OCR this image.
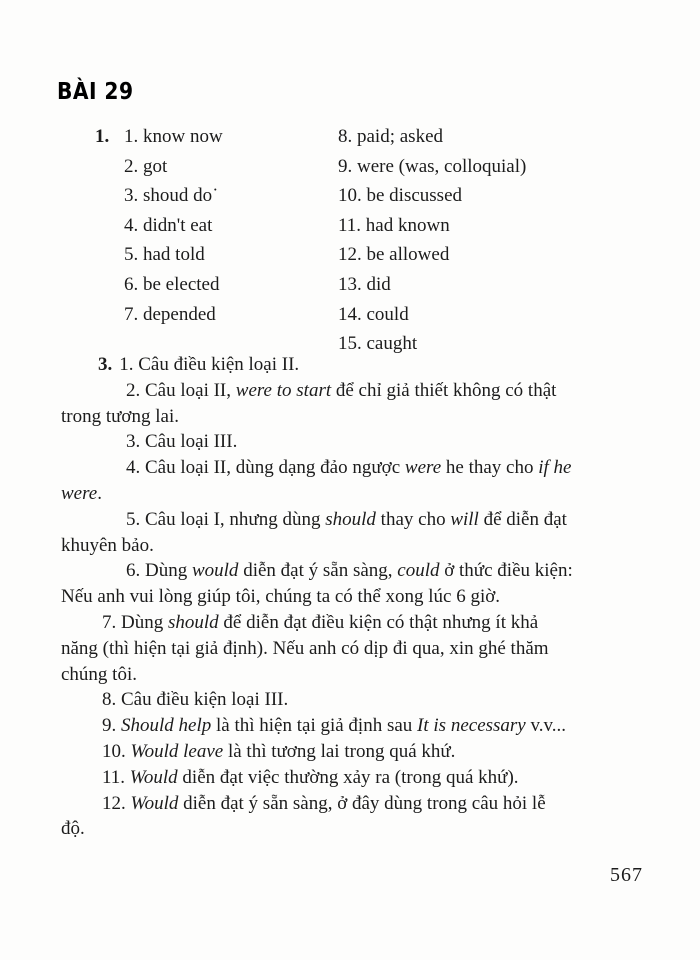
BÀI 29
1. 1. know now
2. got
3. shoud do˙
4. didn't eat
5. had told
6. be elected
7. depended
8. paid; asked
9. were (was, colloquial)
10. be discussed
11. had known
12. be allowed
13. did
14. could
15. caught

3. 1. Câu điều kiện loại II.

2. Câu loại II, were to start để chỉ giả thiết không có thật
trong tương lai.

3. Câu loại III.

4. Câu loại II, dùng dạng đảo ngược were he thay cho if he
were.

5. Câu loại I, nhưng dùng should thay cho will để diễn đạt
khuyên bảo.

6. Dùng would diễn đạt ý sẵn sàng, could ở thức điều kiện:
Nếu anh vui lòng giúp tôi, chúng ta có thể xong lúc 6 giờ.

7. Dùng should để diễn đạt điều kiện có thật nhưng ít khả
năng (thì hiện tại giả định). Nếu anh có dịp đi qua, xin ghé thăm
chúng tôi.

8. Câu điều kiện loại III.

9. Should help là thì hiện tại giả định sau It is necessary v.v...

10. Would leave là thì tương lai trong quá khứ.

11. Would diễn đạt việc thường xảy ra (trong quá khứ).

12. Would diễn đạt ý sẵn sàng, ở đây dùng trong câu hỏi lễ
độ.

567
